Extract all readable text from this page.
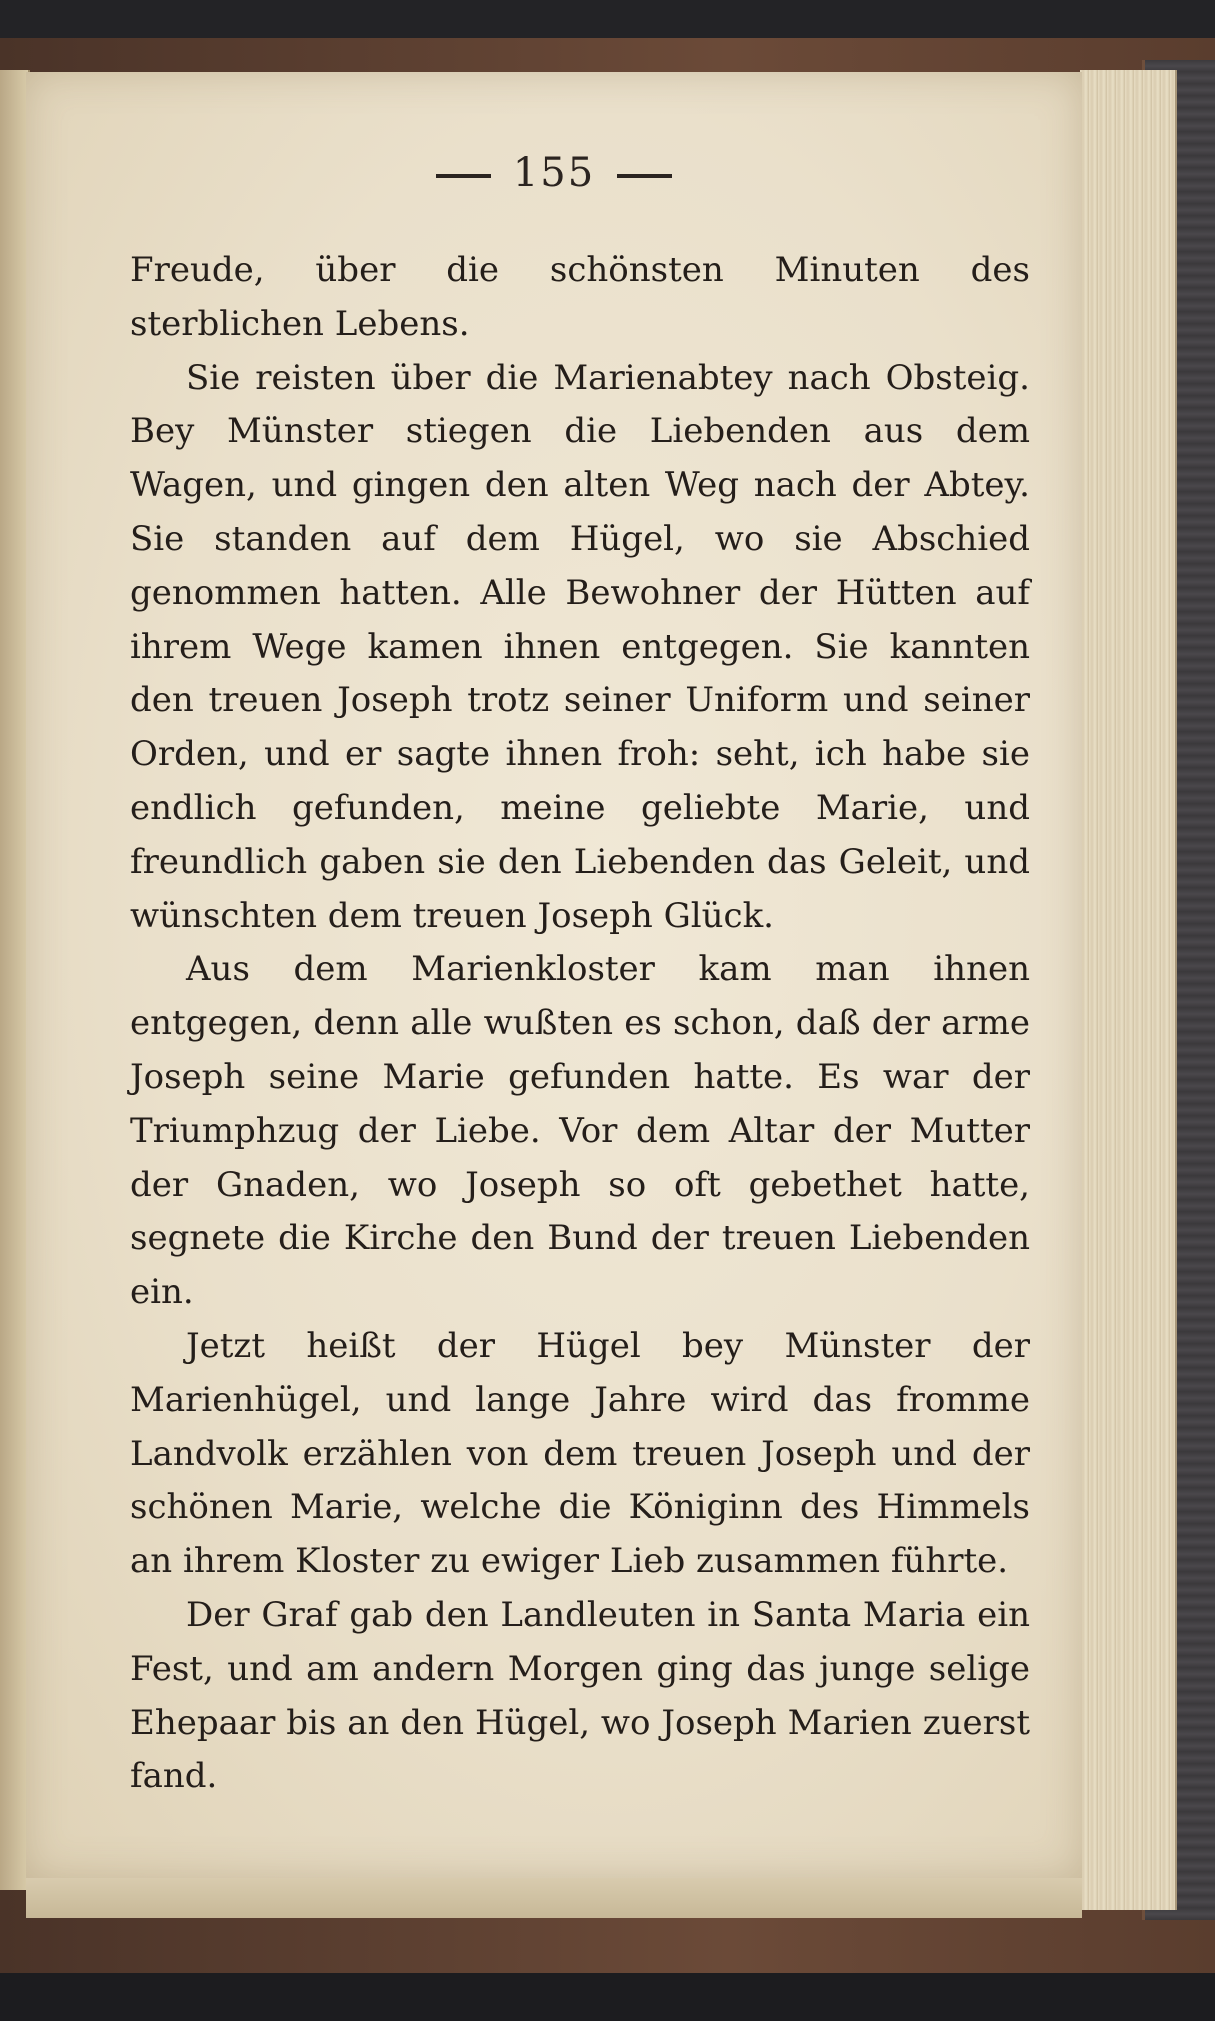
155

Freude, über die schönsten Minuten des sterblichen Lebens.

Sie reisten über die Marienabtey nach Obsteig. Bey Münster stiegen die Liebenden aus dem Wagen, und gingen den alten Weg nach der Abtey. Sie standen auf dem Hügel, wo sie Abschied genommen hatten. Alle Bewohner der Hütten auf ihrem Wege kamen ihnen entgegen. Sie kannten den treuen Joseph trotz seiner Uniform und seiner Orden, und er sagte ihnen froh: seht, ich habe sie endlich gefunden, meine geliebte Marie, und freundlich gaben sie den Liebenden das Geleit, und wünschten dem treuen Joseph Glück.

Aus dem Marienkloster kam man ihnen entgegen, denn alle wußten es schon, daß der arme Joseph seine Marie gefunden hatte. Es war der Triumphzug der Liebe. Vor dem Altar der Mutter der Gnaden, wo Joseph so oft gebethet hatte, segnete die Kirche den Bund der treuen Liebenden ein.

Jetzt heißt der Hügel bey Münster der Marienhügel, und lange Jahre wird das fromme Landvolk erzählen von dem treuen Joseph und der schönen Marie, welche die Königinn des Himmels an ihrem Kloster zu ewiger Lieb zusammen führte.

Der Graf gab den Landleuten in Santa Maria ein Fest, und am andern Morgen ging das junge selige Ehepaar bis an den Hügel, wo Joseph Marien zuerst fand.
